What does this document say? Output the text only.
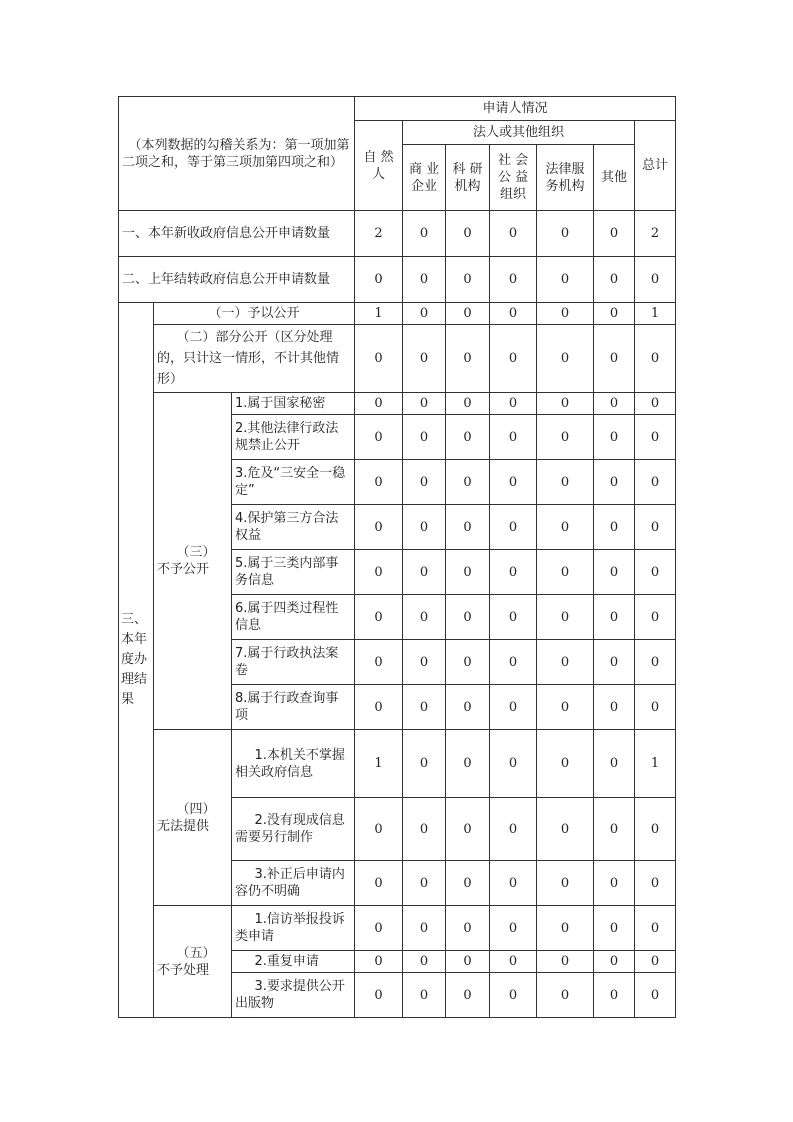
（本列数据的勾稽关系为：第一项加第二项之和，等于第三项加第四项之和）			申请人情况						
			自 然 人	法人或其他组织					总计
				商 业 企业	科 研 机构	社 会 公 益 组织	法律服 务机构	其他	
一、本年新收政府信息公开申请数量			2	0	0	0	0	0	2
二、上年结转政府信息公开申请数量			0	0	0	0	0	0	0
三、本年度办理结果	（一）予以公开		1	0	0	0	0	0	1
	（二）部分公开（区分处理的，只计这一情形，不计其他情形）		0	0	0	0	0	0	0
	（三）不予公开	1.属于国家秘密	0	0	0	0	0	0	0
		2.其他法律行政法规禁止公开	0	0	0	0	0	0	0
		3.危及“三安全一稳定”	0	0	0	0	0	0	0
		4.保护第三方合法权益	0	0	0	0	0	0	0
		5.属于三类内部事务信息	0	0	0	0	0	0	0
		6.属于四类过程性信息	0	0	0	0	0	0	0
		7.属于行政执法案卷	0	0	0	0	0	0	0
		8.属于行政查询事项	0	0	0	0	0	0	0
	（四）无法提供	1.本机关不掌握相关政府信息	1	0	0	0	0	0	1
		2.没有现成信息需要另行制作	0	0	0	0	0	0	0
		3.补正后申请内容仍不明确	0	0	0	0	0	0	0
	（五）不予处理	1.信访举报投诉类申请	0	0	0	0	0	0	0
		2.重复申请	0	0	0	0	0	0	0
		3.要求提供公开出版物	0	0	0	0	0	0	0
